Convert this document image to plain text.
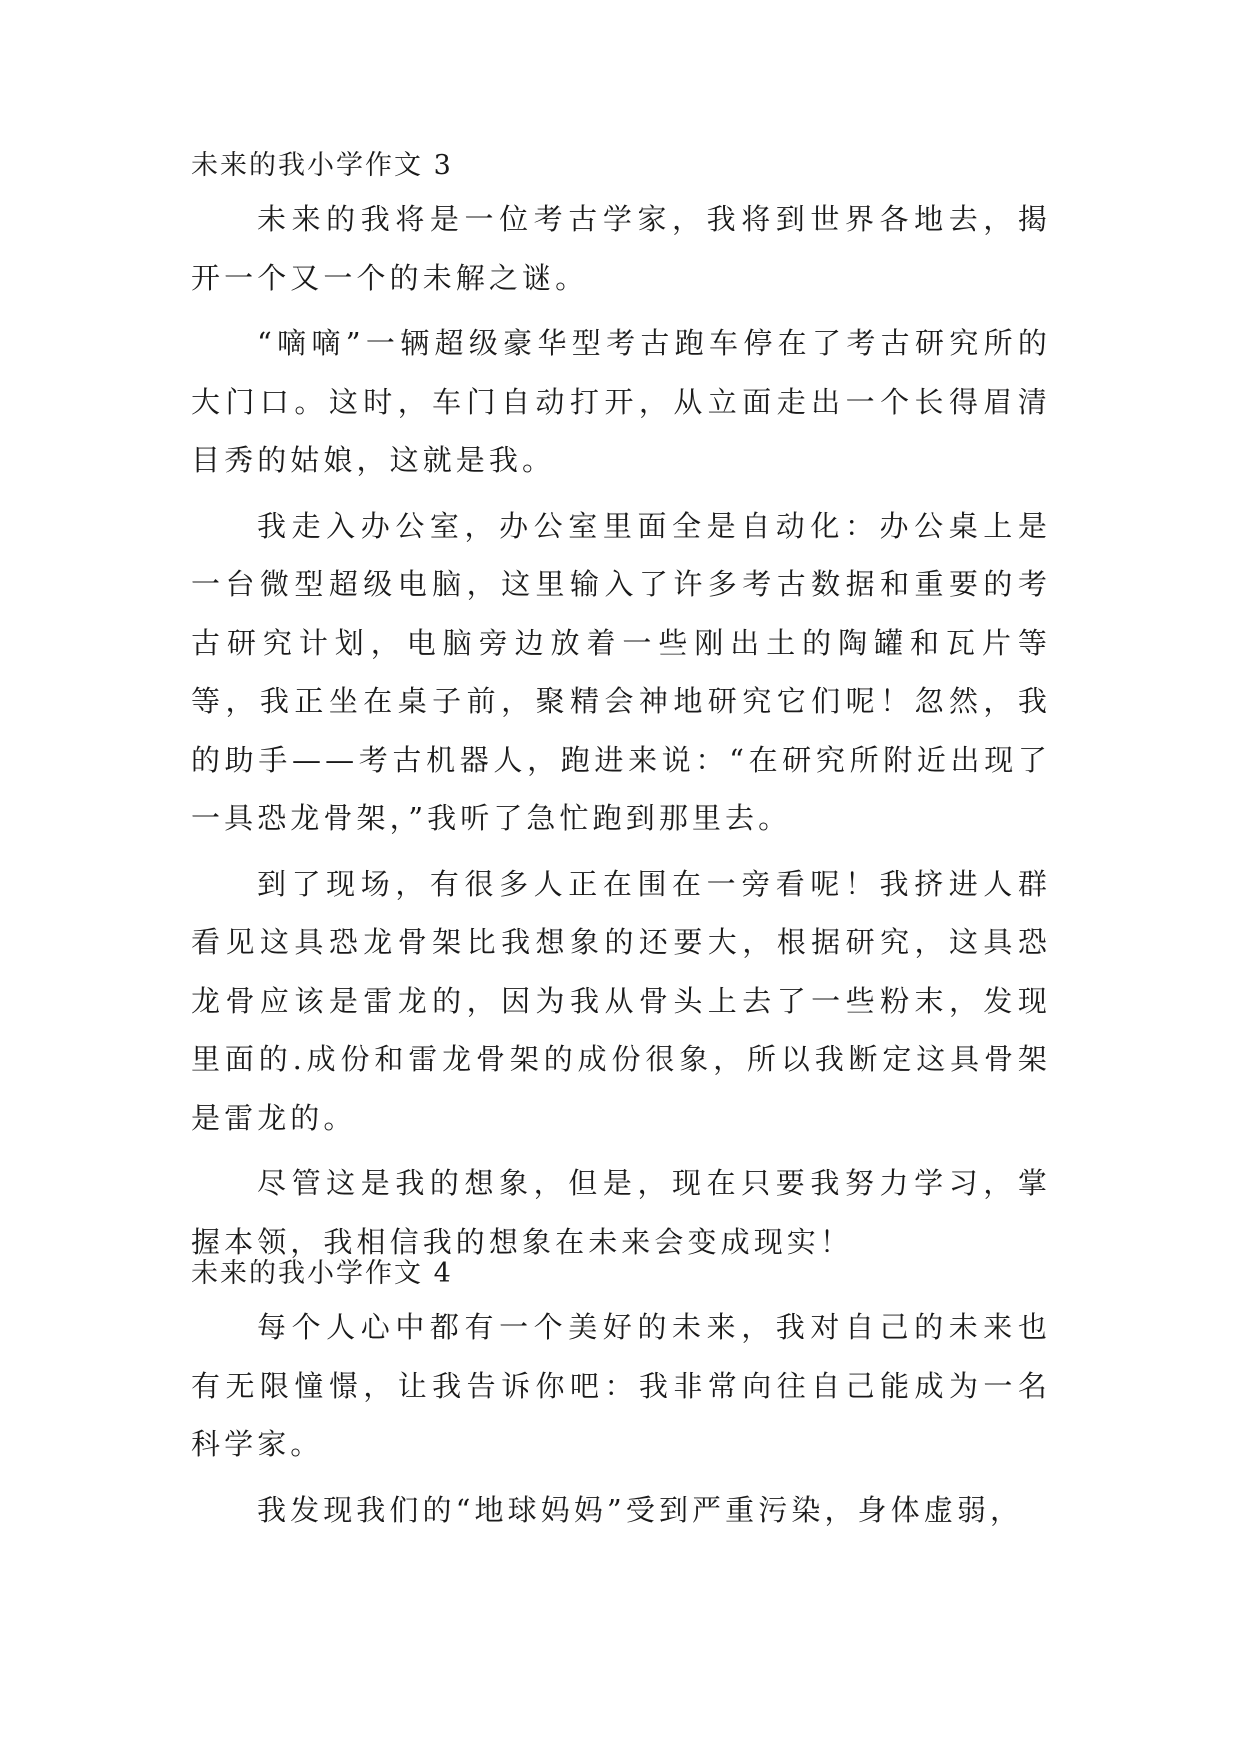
未来的我小学作文 3

未来的我将是一位考古学家，我将到世界各地去，揭开一个又一个的未解之谜。

“嘀嘀”一辆超级豪华型考古跑车停在了考古研究所的大门口。这时，车门自动打开，从立面走出一个长得眉清目秀的姑娘，这就是我。

我走入办公室，办公室里面全是自动化：办公桌上是一台微型超级电脑，这里输入了许多考古数据和重要的考古研究计划，电脑旁边放着一些刚出土的陶罐和瓦片等等，我正坐在桌子前，聚精会神地研究它们呢！忽然，我的助手——考古机器人，跑进来说：“在研究所附近出现了一具恐龙骨架，”我听了急忙跑到那里去。

到了现场，有很多人正在围在一旁看呢！我挤进人群看见这具恐龙骨架比我想象的还要大，根据研究，这具恐龙骨应该是雷龙的，因为我从骨头上去了一些粉末，发现里面的.成份和雷龙骨架的成份很象，所以我断定这具骨架是雷龙的。

尽管这是我的想象，但是，现在只要我努力学习，掌握本领，我相信我的想象在未来会变成现实！

未来的我小学作文 4

每个人心中都有一个美好的未来，我对自己的未来也有无限憧憬，让我告诉你吧：我非常向往自己能成为一名科学家。

我发现我们的“地球妈妈”受到严重污染，身体虚弱，
